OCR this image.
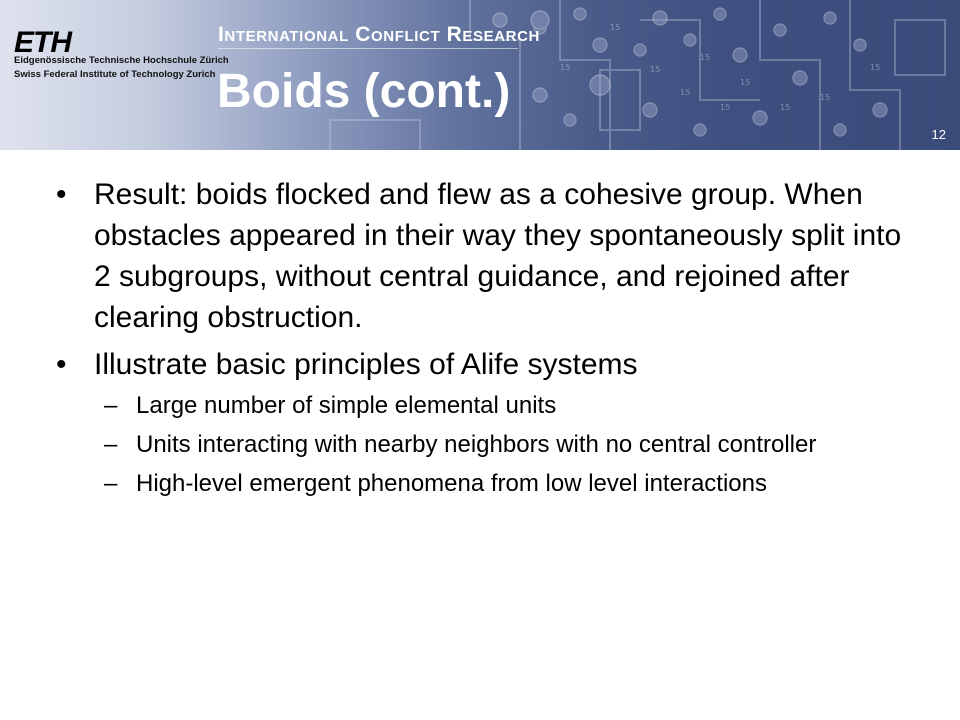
15
15
15
15
15
15
15
15
15
15
ETH
Eidgenössische Technische Hochschule Zürich
Swiss Federal Institute of Technology Zurich
International Conflict Research
Boids (cont.)
12
• Result: boids flocked and flew as a cohesive group. When obstacles appeared in their way they spontaneously split into 2 subgroups, without central guidance, and rejoined after clearing obstruction.
• Illustrate basic principles of Alife systems
– Large number of simple elemental units
– Units interacting with nearby neighbors with no central controller
– High-level emergent phenomena from low level interactions
